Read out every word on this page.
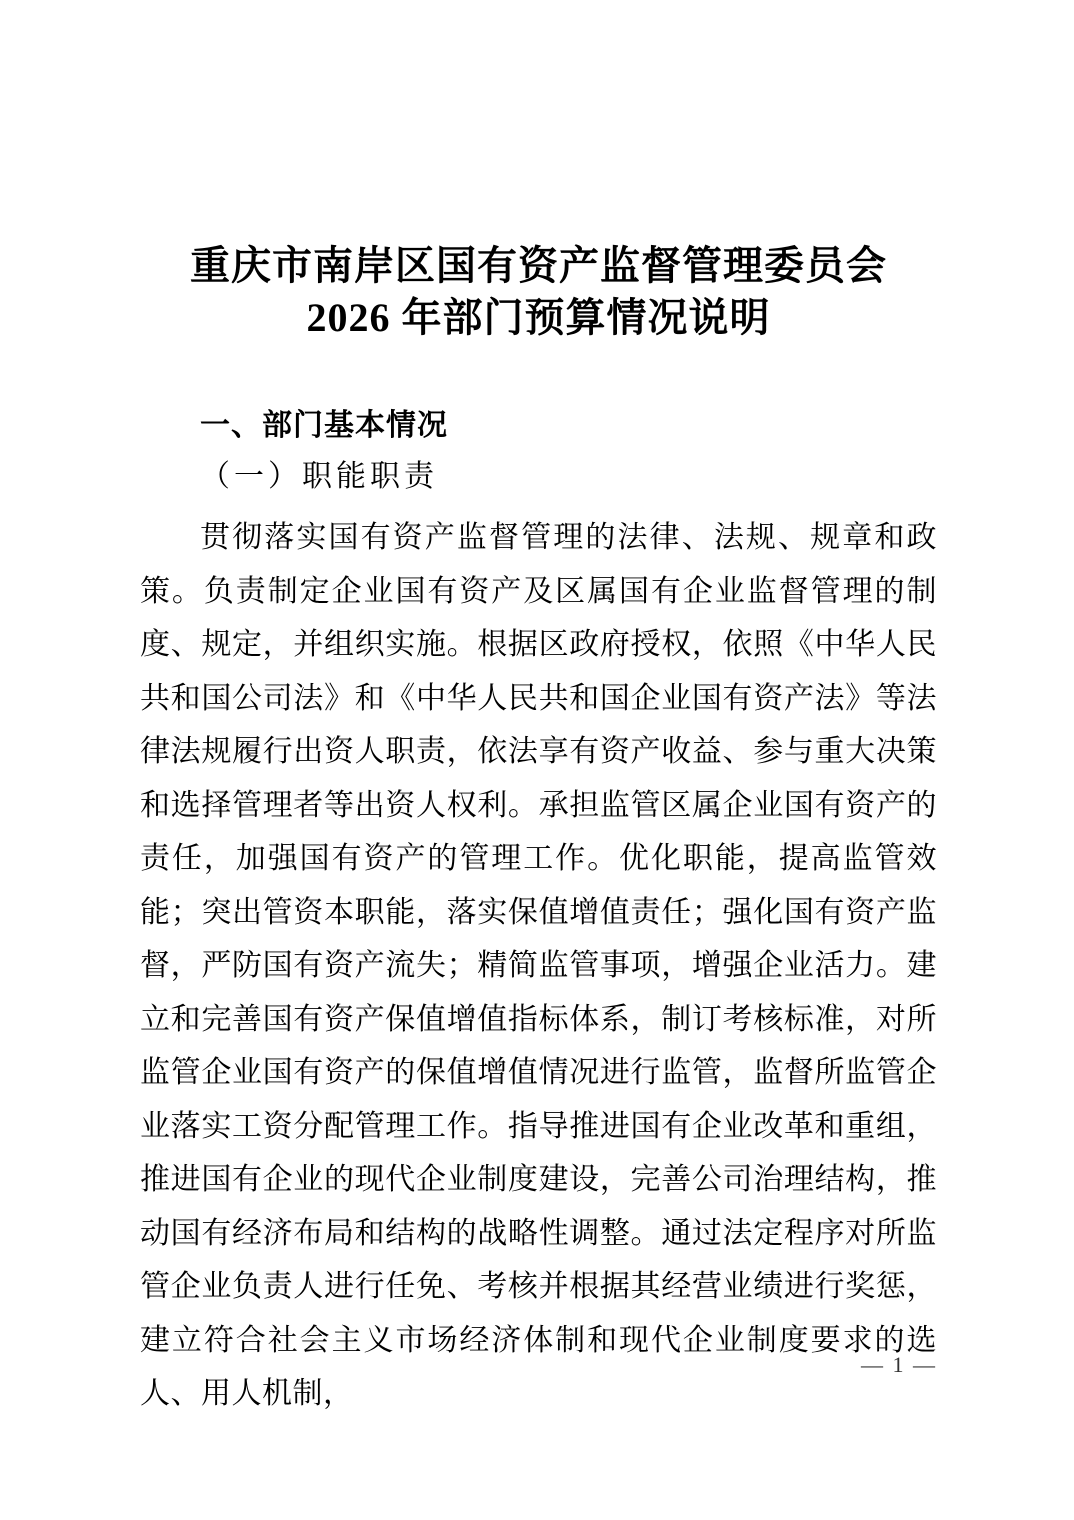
重庆市南岸区国有资产监督管理委员会
2026 年部门预算情况说明
一、部门基本情况
（一）职能职责

贯彻落实国有资产监督管理的法律、法规、规章和政策。负责制定企业国有资产及区属国有企业监督管理的制度、规定，并组织实施。根据区政府授权，依照《中华人民共和国公司法》和《中华人民共和国企业国有资产法》等法律法规履行出资人职责，依法享有资产收益、参与重大决策和选择管理者等出资人权利。承担监管区属企业国有资产的责任，加强国有资产的管理工作。优化职能，提高监管效能；突出管资本职能，落实保值增值责任；强化国有资产监督，严防国有资产流失；精简监管事项，增强企业活力。建立和完善国有资产保值增值指标体系，制订考核标准，对所监管企业国有资产的保值增值情况进行监管，监督所监管企业落实工资分配管理工作。指导推进国有企业改革和重组，推进国有企业的现代企业制度建设，完善公司治理结构，推动国有经济布局和结构的战略性调整。通过法定程序对所监管企业负责人进行任免、考核并根据其经营业绩进行奖惩，建立符合社会主义市场经济体制和现代企业制度要求的选人、用人机制，

— 1 —
